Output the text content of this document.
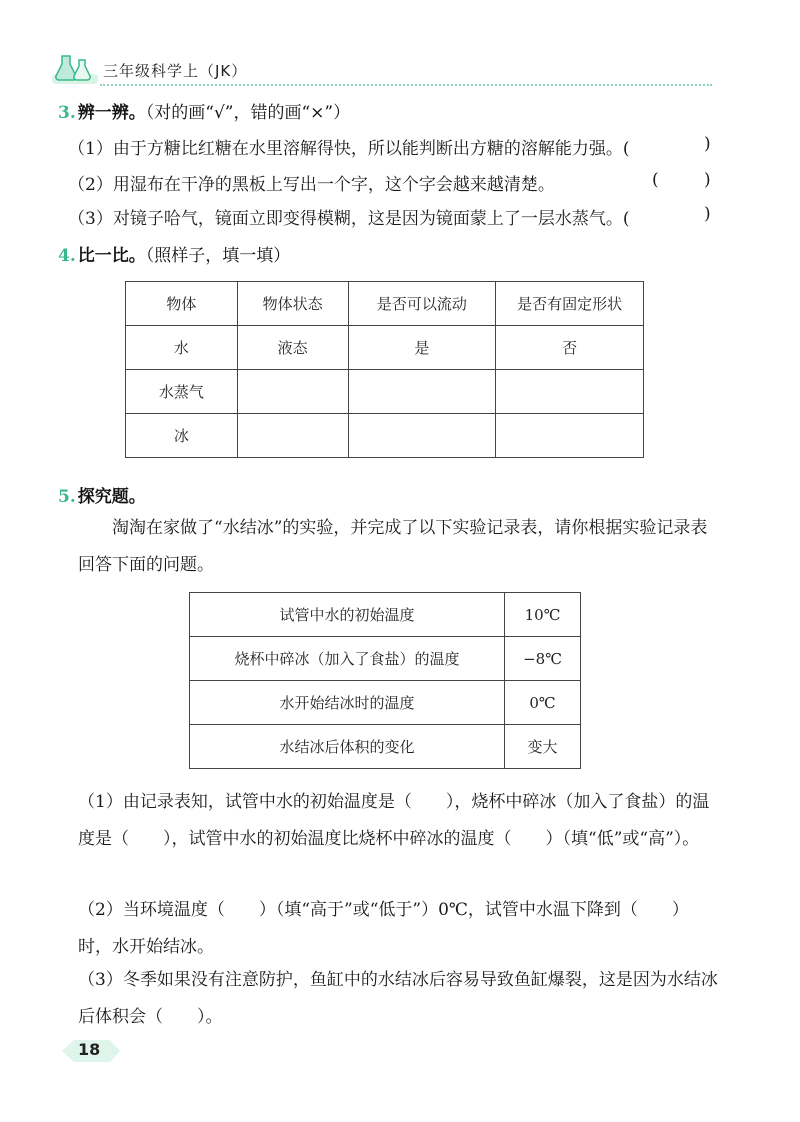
三年级科学上（JK）
3. 辨一辨。（对的画“√”，错的画“×”）
（1）由于方糖比红糖在水里溶解得快，所以能判断出方糖的溶解能力强。(	)
（2）用湿布在干净的黑板上写出一个字，这个字会越来越清楚。	(	)
（3）对镜子哈气，镜面立即变得模糊，这是因为镜面蒙上了一层水蒸气。(	)
4. 比一比。（照样子，填一填）
物体	物体状态	是否可以流动	是否有固定形状
水	液态	是	否
水蒸气			
冰			
5. 探究题。
淘淘在家做了“水结冰”的实验，并完成了以下实验记录表，请你根据实验记录表回答下面的问题。
试管中水的初始温度	10℃
烧杯中碎冰（加入了食盐）的温度	−8℃
水开始结冰时的温度	0℃
水结冰后体积的变化	变大
（1）由记录表知，试管中水的初始温度是（　　），烧杯中碎冰（加入了食盐）的温度是（　　），试管中水的初始温度比烧杯中碎冰的温度（　　）（填“低”或“高”）。
（2）当环境温度（　　）（填“高于”或“低于”）0℃，试管中水温下降到（　　）时，水开始结冰。
（3）冬季如果没有注意防护，鱼缸中的水结冰后容易导致鱼缸爆裂，这是因为水结冰后体积会（　　）。
18
